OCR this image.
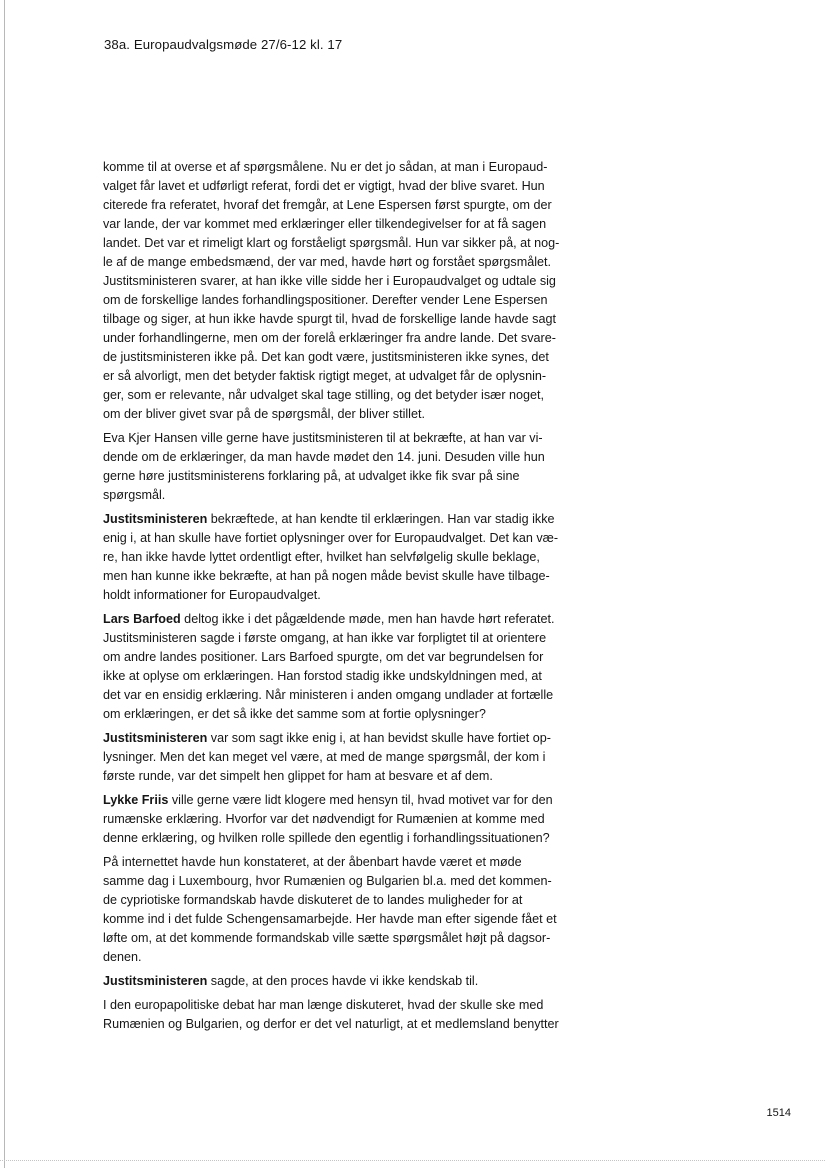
38a. Europaudvalgsmøde 27/6-12 kl. 17
komme til at overse et af spørgsmålene. Nu er det jo sådan, at man i Europaud-
valget får lavet et udførligt referat, fordi det er vigtigt, hvad der blive svaret. Hun
citerede fra referatet, hvoraf det fremgår, at Lene Espersen først spurgte, om der
var lande, der var kommet med erklæringer eller tilkendegivelser for at få sagen
landet. Det var et rimeligt klart og forståeligt spørgsmål. Hun var sikker på, at nog-
le af de mange embedsmænd, der var med, havde hørt og forstået spørgsmålet.
Justitsministeren svarer, at han ikke ville sidde her i Europaudvalget og udtale sig
om de forskellige landes forhandlingspositioner. Derefter vender Lene Espersen
tilbage og siger, at hun ikke havde spurgt til, hvad de forskellige lande havde sagt
under forhandlingerne, men om der forelå erklæringer fra andre lande. Det svare-
de justitsministeren ikke på. Det kan godt være, justitsministeren ikke synes, det
er så alvorligt, men det betyder faktisk rigtigt meget, at udvalget får de oplysnin-
ger, som er relevante, når udvalget skal tage stilling, og det betyder især noget,
om der bliver givet svar på de spørgsmål, der bliver stillet.
Eva Kjer Hansen ville gerne have justitsministeren til at bekræfte, at han var vi-
dende om de erklæringer, da man havde mødet den 14. juni. Desuden ville hun
gerne høre justitsministerens forklaring på, at udvalget ikke fik svar på sine
spørgsmål.
Justitsministeren bekræftede, at han kendte til erklæringen. Han var stadig ikke
enig i, at han skulle have fortiet oplysninger over for Europaudvalget. Det kan væ-
re, han ikke havde lyttet ordentligt efter, hvilket han selvfølgelig skulle beklage,
men han kunne ikke bekræfte, at han på nogen måde bevist skulle have tilbage-
holdt informationer for Europaudvalget.
Lars Barfoed deltog ikke i det pågældende møde, men han havde hørt referatet.
Justitsministeren sagde i første omgang, at han ikke var forpligtet til at orientere
om andre landes positioner. Lars Barfoed spurgte, om det var begrundelsen for
ikke at oplyse om erklæringen. Han forstod stadig ikke undskyldningen med, at
det var en ensidig erklæring. Når ministeren i anden omgang undlader at fortælle
om erklæringen, er det så ikke det samme som at fortie oplysninger?
Justitsministeren var som sagt ikke enig i, at han bevidst skulle have fortiet op-
lysninger. Men det kan meget vel være, at med de mange spørgsmål, der kom i
første runde, var det simpelt hen glippet for ham at besvare et af dem.
Lykke Friis ville gerne være lidt klogere med hensyn til, hvad motivet var for den
rumænske erklæring. Hvorfor var det nødvendigt for Rumænien at komme med
denne erklæring, og hvilken rolle spillede den egentlig i forhandlingssituationen?
På internettet havde hun konstateret, at der åbenbart havde været et møde
samme dag i Luxembourg, hvor Rumænien og Bulgarien bl.a. med det kommen-
de cypriotiske formandskab havde diskuteret de to landes muligheder for at
komme ind i det fulde Schengensamarbejde. Her havde man efter sigende fået et
løfte om, at det kommende formandskab ville sætte spørgsmålet højt på dagsor-
denen.
Justitsministeren sagde, at den proces havde vi ikke kendskab til.
I den europapolitiske debat har man længe diskuteret, hvad der skulle ske med
Rumænien og Bulgarien, og derfor er det vel naturligt, at et medlemsland benytter
1514
